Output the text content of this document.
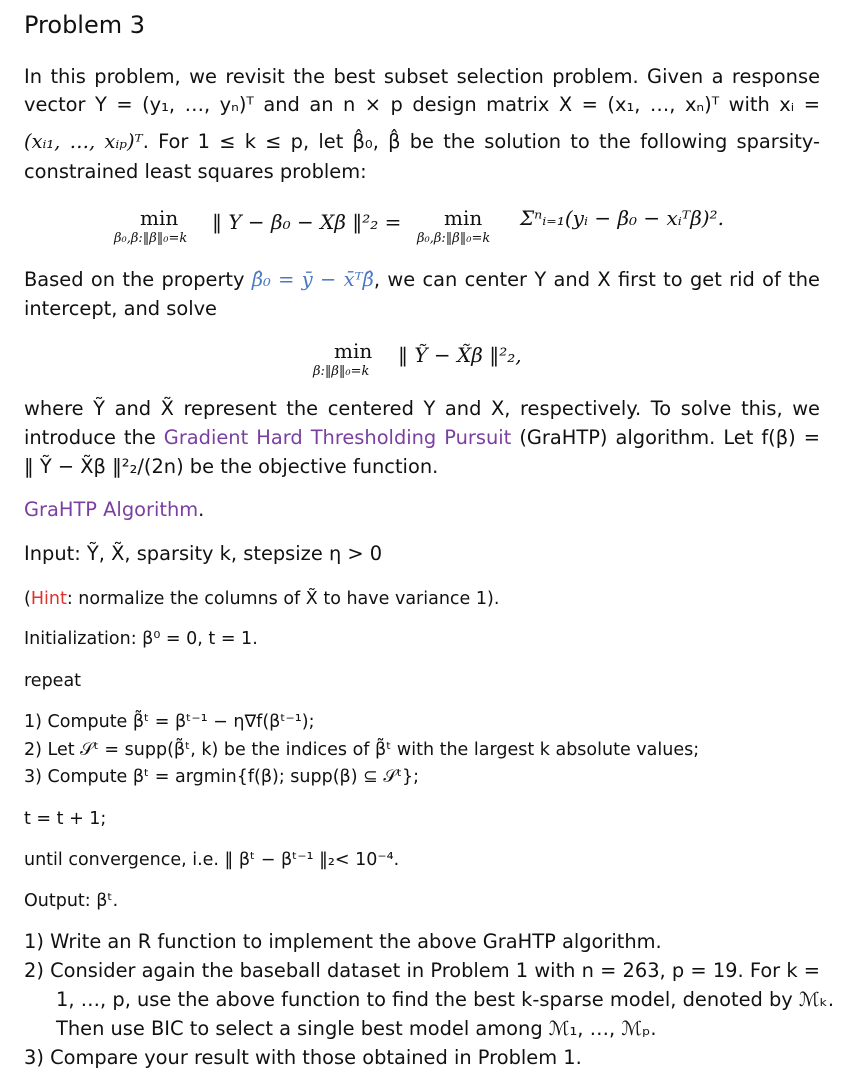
Problem 3
In this problem, we revisit the best subset selection problem. Given a response
vector Y = (y₁, …, yₙ)ᵀ and an n × p design matrix X = (x₁, …, xₙ)ᵀ with xᵢ =
(xᵢ₁, …, xᵢₚ)ᵀ. For 1 ≤ k ≤ p, let β̂₀, β̂ be the solution to the following sparsity-
constrained least squares problem:
min
β₀,β:‖β‖₀=k
‖ Y − β₀ − Xβ ‖²₂ = min
β₀,β:‖β‖₀=k
Σⁿᵢ₌₁(yᵢ − β₀ − xᵢᵀβ)².
Based on the property β̂₀ = ȳ − x̄ᵀβ̂, we can center Y and X first to get rid of the
intercept, and solve
min
β:‖β‖₀=k
‖ Ỹ − X̃β ‖²₂,
where Ỹ and X̃ represent the centered Y and X, respectively. To solve this, we
introduce the Gradient Hard Thresholding Pursuit (GraHTP) algorithm. Let f(β) =
‖ Ỹ − X̃β ‖²₂/(2n) be the objective function.
GraHTP Algorithm.
Input: Ỹ, X̃, sparsity k, stepsize η > 0
(Hint: normalize the columns of X̃ to have variance 1).
Initialization: β⁰ = 0, t = 1.
repeat
1) Compute β̃ᵗ = βᵗ⁻¹ − η∇f(βᵗ⁻¹);
2) Let 𝒮ᵗ = supp(β̃ᵗ, k) be the indices of β̃ᵗ with the largest k absolute values;
3) Compute βᵗ = argmin{f(β); supp(β) ⊆ 𝒮ᵗ};
t = t + 1;
until convergence, i.e. ‖ βᵗ − βᵗ⁻¹ ‖₂< 10⁻⁴.
Output: βᵗ.
1) Write an R function to implement the above GraHTP algorithm.
2) Consider again the baseball dataset in Problem 1 with n = 263, p = 19. For k =
1, …, p, use the above function to find the best k-sparse model, denoted by ℳₖ.
Then use BIC to select a single best model among ℳ₁, …, ℳₚ.
3) Compare your result with those obtained in Problem 1.
